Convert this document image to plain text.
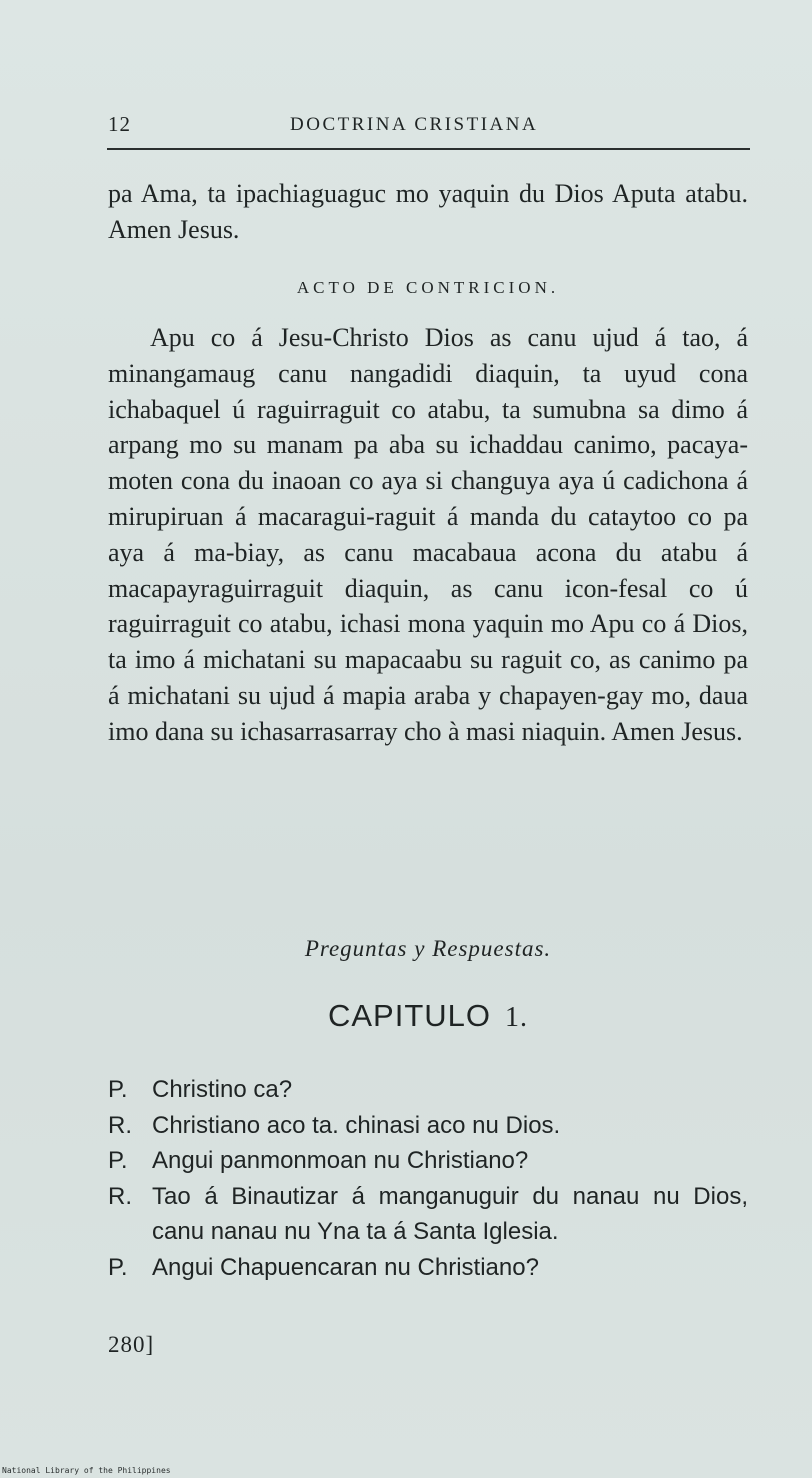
12	DOCTRINA CRISTIANA

pa Ama, ta ipachiaguaguc mo yaquin du Dios Aputa atabu. Amen Jesus.

ACTO DE CONTRICION.

Apu co á Jesu-Christo Dios as canu ujud á tao, á minangamaug canu nangadidi diaquin, ta uyud cona ichabaquel ú raguirraguit co atabu, ta sumubna sa dimo á arpang mo su manam pa aba su ichaddau canimo, pacaya-moten cona du inaoan co aya si changuya aya ú cadichona á mirupiruan á macaragui-raguit á manda du cataytoo co pa aya á ma-biay, as canu macabaua acona du atabu á macapayraguirraguit diaquin, as canu icon-fesal co ú raguirraguit co atabu, ichasi mona yaquin mo Apu co á Dios, ta imo á michatani su mapacaabu su raguit co, as canimo pa á michatani su ujud á mapia araba y chapayen-gay mo, daua imo dana su ichasarrasarray cho à masi niaquin. Amen Jesus.

Preguntas y Respuestas.
CAPITULO 1.
P.	Christino ca?
R. Christiano aco ta. chinasi aco nu Dios.
P.	Angui panmonmoan nu Christiano?
R. Tao á Binautizar á manganuguir du nanau nu Dios, canu nanau nu Yna ta á Santa Iglesia.
P.	Angui Chapuencaran nu Christiano?
280]
National Library of the Philippines
